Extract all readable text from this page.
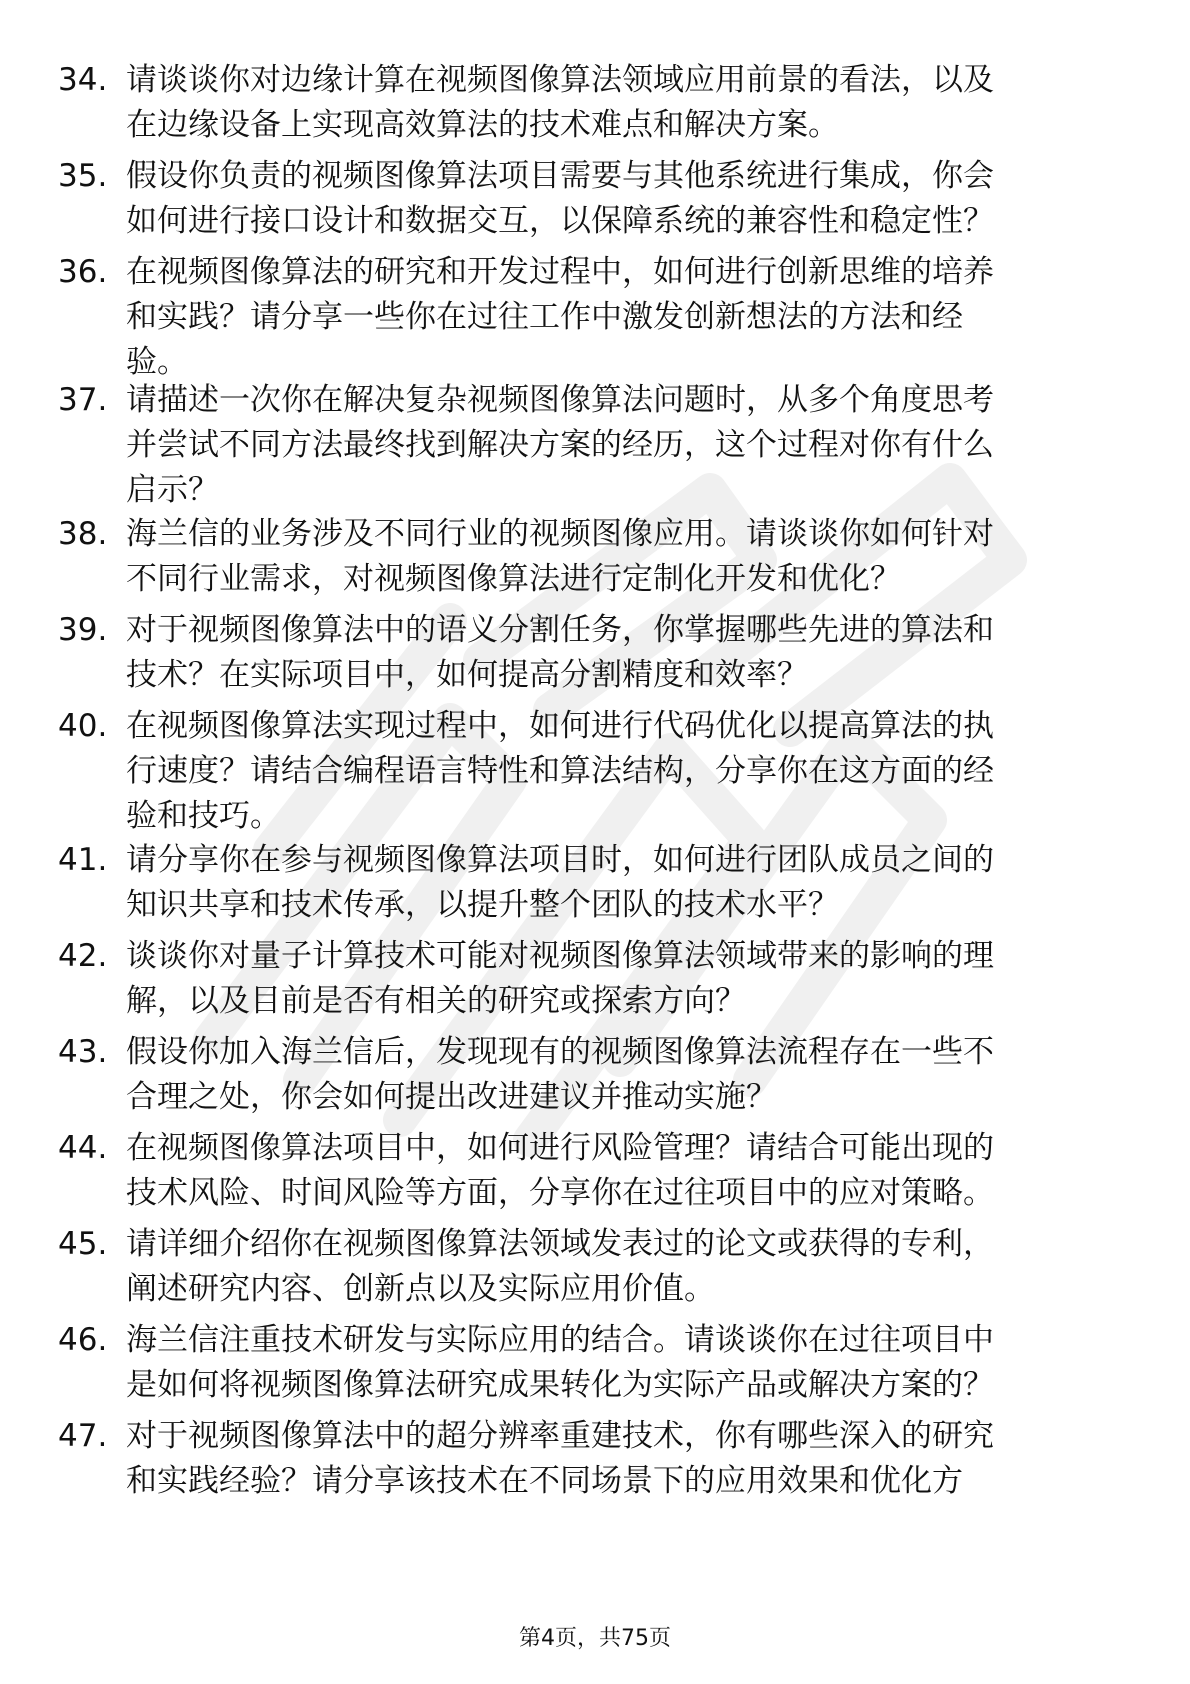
34. 请谈谈你对边缘计算在视频图像算法领域应用前景的看法，以及
在边缘设备上实现高效算法的技术难点和解决方案。
35. 假设你负责的视频图像算法项目需要与其他系统进行集成，你会
如何进行接口设计和数据交互，以保障系统的兼容性和稳定性？
36. 在视频图像算法的研究和开发过程中，如何进行创新思维的培养
和实践？请分享一些你在过往工作中激发创新想法的方法和经
验。
37. 请描述一次你在解决复杂视频图像算法问题时，从多个角度思考
并尝试不同方法最终找到解决方案的经历，这个过程对你有什么
启示？
38. 海兰信的业务涉及不同行业的视频图像应用。请谈谈你如何针对
不同行业需求，对视频图像算法进行定制化开发和优化？
39. 对于视频图像算法中的语义分割任务，你掌握哪些先进的算法和
技术？在实际项目中，如何提高分割精度和效率？
40. 在视频图像算法实现过程中，如何进行代码优化以提高算法的执
行速度？请结合编程语言特性和算法结构，分享你在这方面的经
验和技巧。
41. 请分享你在参与视频图像算法项目时，如何进行团队成员之间的
知识共享和技术传承，以提升整个团队的技术水平？
42. 谈谈你对量子计算技术可能对视频图像算法领域带来的影响的理
解，以及目前是否有相关的研究或探索方向？
43. 假设你加入海兰信后，发现现有的视频图像算法流程存在一些不
合理之处，你会如何提出改进建议并推动实施？
44. 在视频图像算法项目中，如何进行风险管理？请结合可能出现的
技术风险、时间风险等方面，分享你在过往项目中的应对策略。
45. 请详细介绍你在视频图像算法领域发表过的论文或获得的专利，
阐述研究内容、创新点以及实际应用价值。
46. 海兰信注重技术研发与实际应用的结合。请谈谈你在过往项目中
是如何将视频图像算法研究成果转化为实际产品或解决方案的？
47. 对于视频图像算法中的超分辨率重建技术，你有哪些深入的研究
和实践经验？请分享该技术在不同场景下的应用效果和优化方
第4页，共75页
